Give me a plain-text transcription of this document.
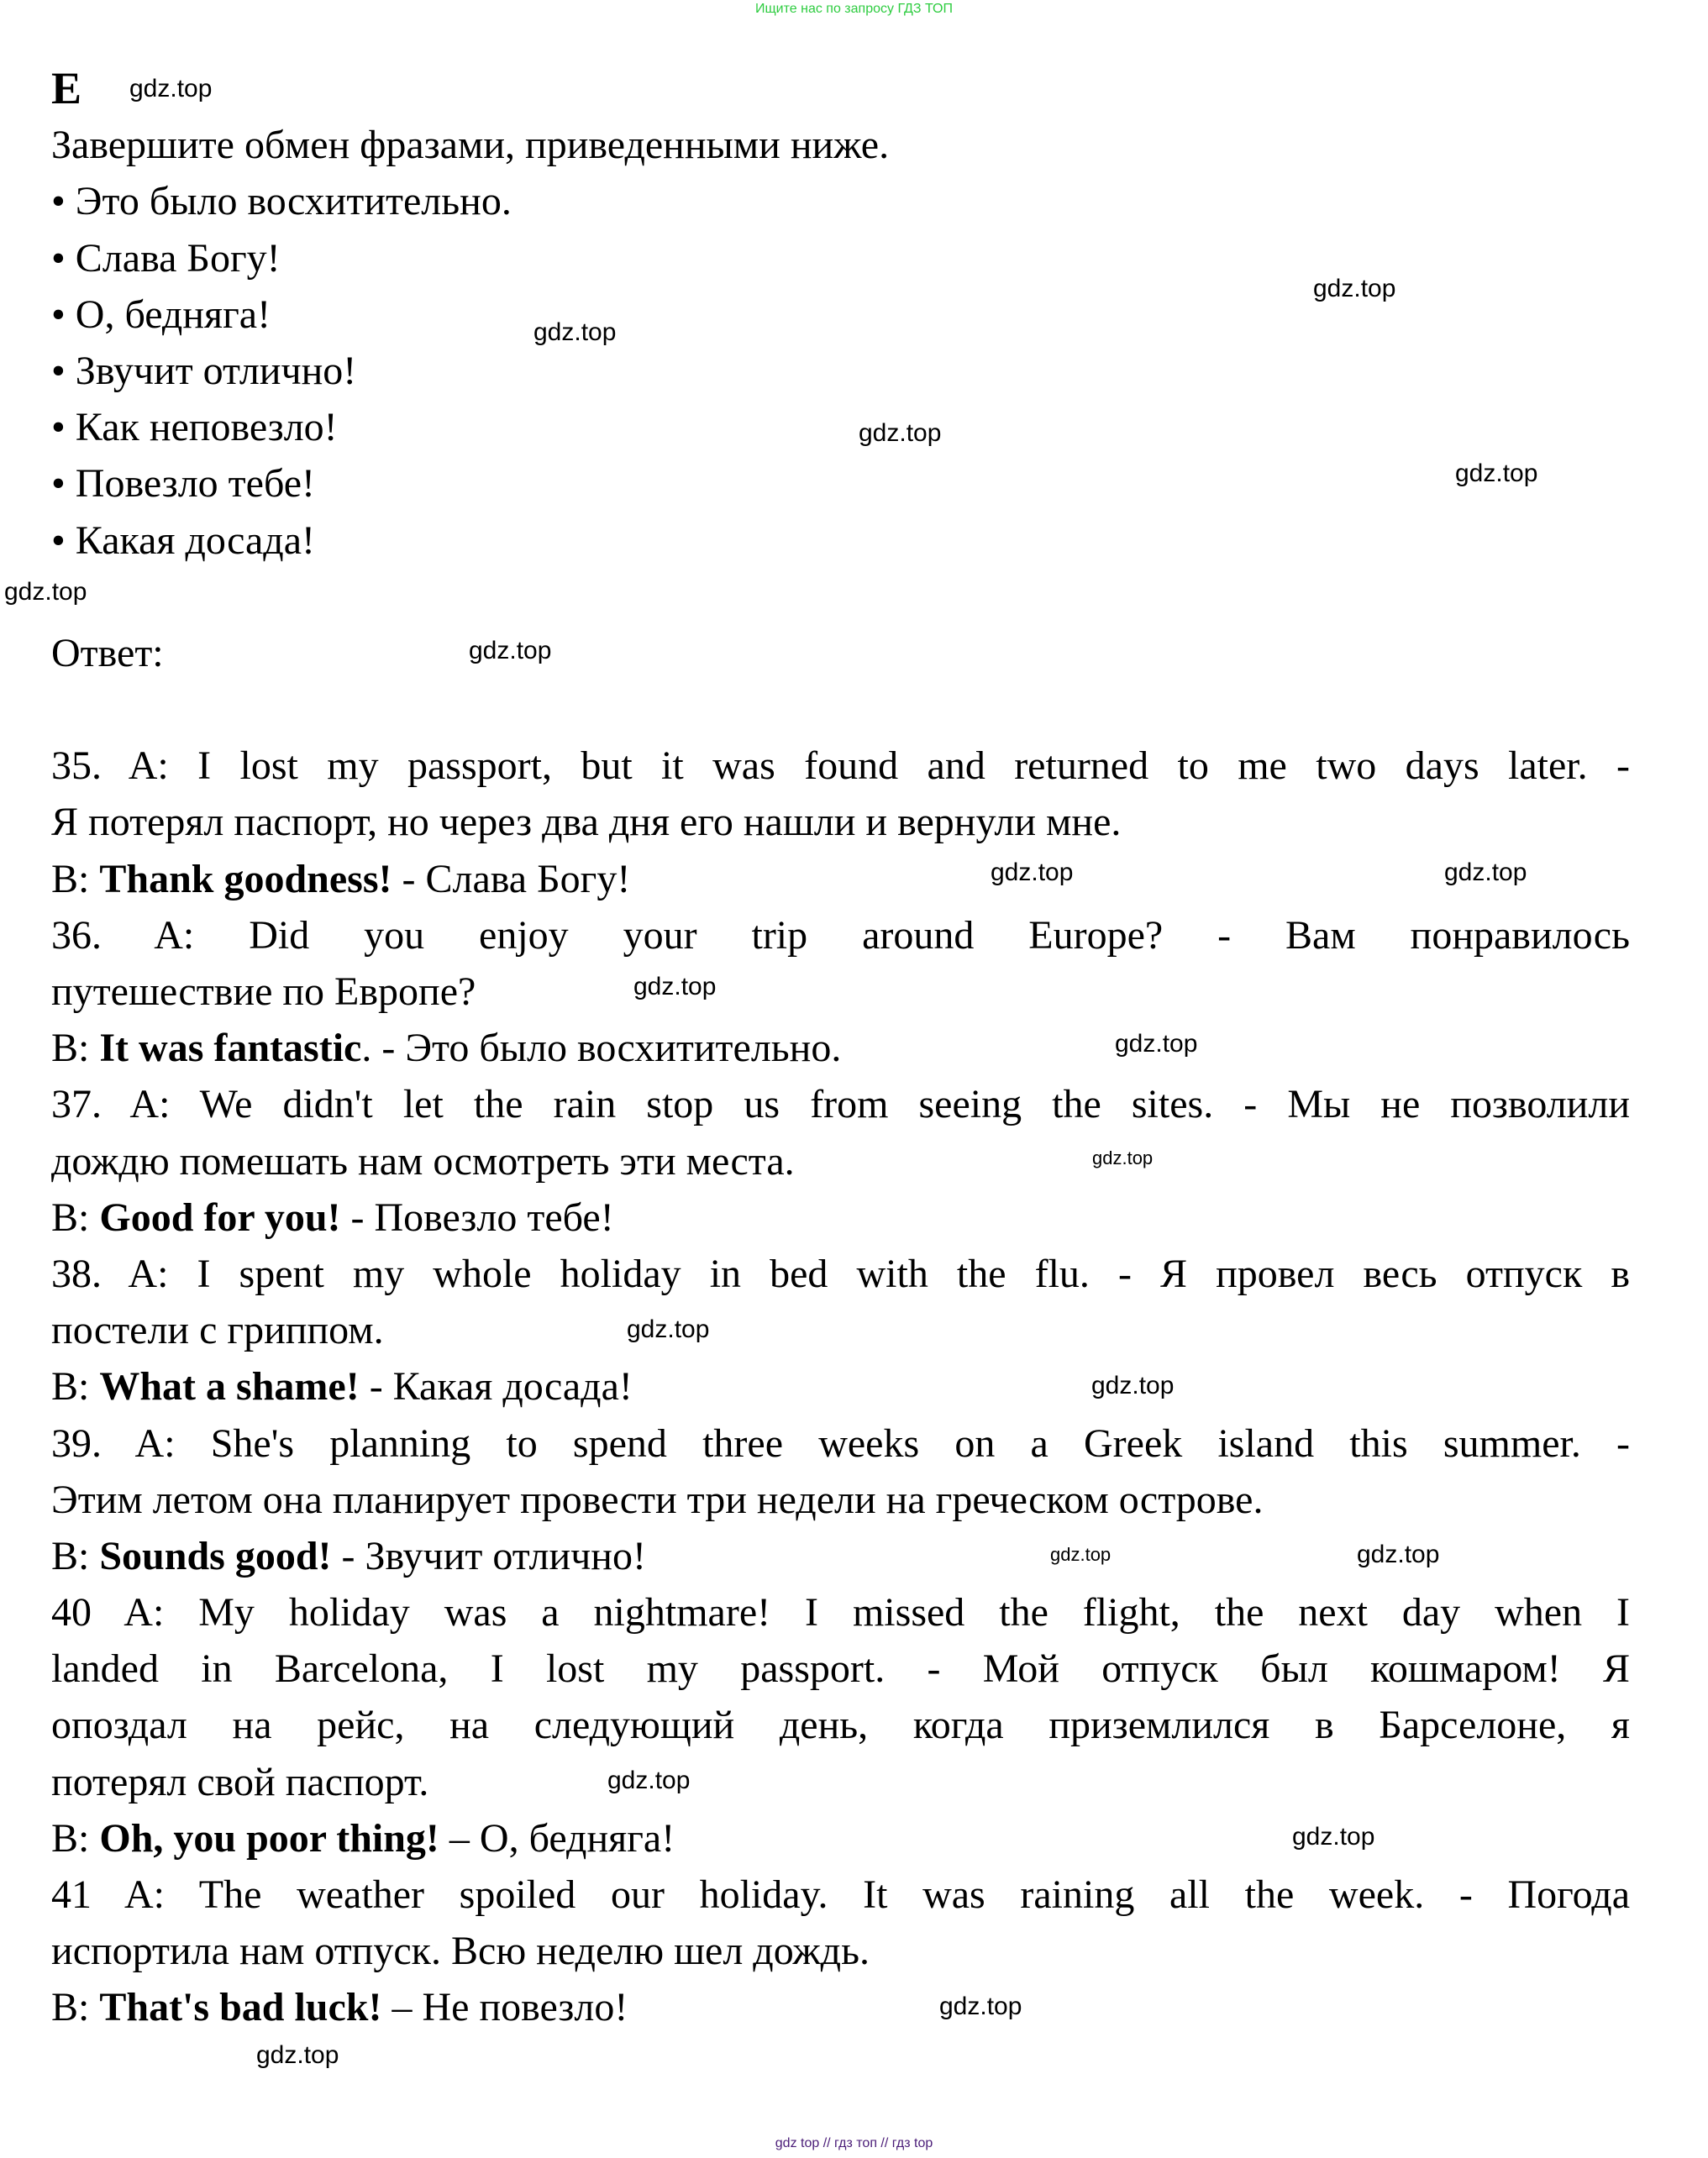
Ищите нас по запросу ГДЗ ТОП
E
Завершите обмен фразами, приведенными ниже.
• Это было восхитительно.
• Слава Богу!
• О, бедняга!
• Звучит отлично!
• Как неповезло!
• Повезло тебе!
• Какая досада!
Ответ:
35. A: I lost my passport, but it was found and returned to me two days later. -
Я потерял паспорт, но через два дня его нашли и вернули мне.
B: Thank goodness! - Слава Богу!
36. A: Did you enjoy your trip around Europe? - Вам понравилось
путешествие по Европе?
B: It was fantastic. - Это было восхитительно.
37. A: We didn't let the rain stop us from seeing the sites. - Мы не позволили
дождю помешать нам осмотреть эти места.
B: Good for you! - Повезло тебе!
38. A: I spent my whole holiday in bed with the flu. - Я провел весь отпуск в
постели с гриппом.
B: What a shame! - Какая досада!
39. A: She's planning to spend three weeks on a Greek island this summer. -
Этим летом она планирует провести три недели на греческом острове.
B: Sounds good! - Звучит отлично!
40 A: My holiday was a nightmare! I missed the flight, the next day when I
landed in Barcelona, I lost my passport. - Мой отпуск был кошмаром! Я
опоздал на рейс, на следующий день, когда приземлился в Барселоне, я
потерял свой паспорт.
B: Oh, you poor thing! – О, бедняга!
41 A: The weather spoiled our holiday. It was raining all the week. - Погода
испортила нам отпуск. Всю неделю шел дождь.
B: That's bad luck! – Не повезло!
gdz.top
gdz.top
gdz.top
gdz.top
gdz.top
gdz.top
gdz.top
gdz.top	gdz.top
gdz.top
gdz.top
gdz.top
gdz.top
gdz.top
gdz.top	gdz.top
gdz.top
gdz.top
gdz.top
gdz.top
gdz top // гдз топ // гдз top
